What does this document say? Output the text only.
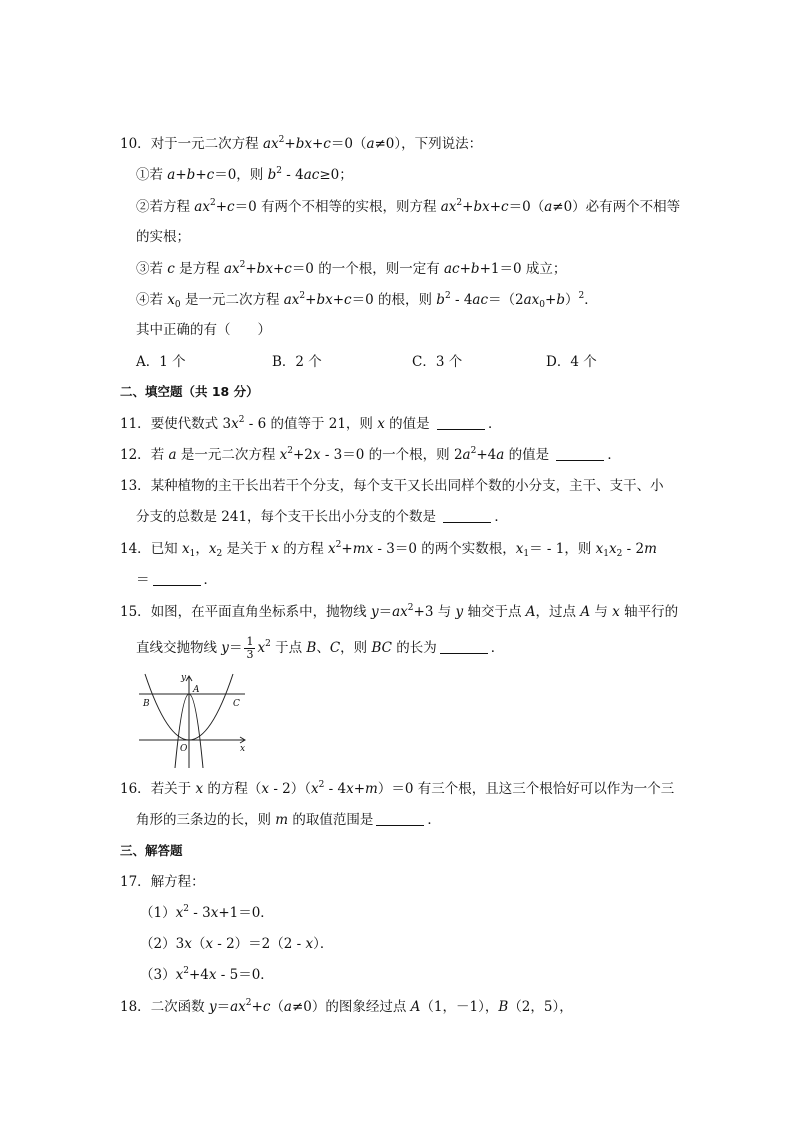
10．对于一元二次方程 $ax^2+bx+c=0(a\ne 0)$，下列说法：
①若 a+b+c＝0，则 $b^2 - 4ac\ge 0$；
②若方程 $ax^2+c=0$ 有两个不相等的实根，则方程 $ax^2+bx+c=0(a\ne 0)$必有两个不相等
的实根；
③若 c 是方程 $ax^2+bx+c=0$ 的一个根，则一定有 ac+b+1＝0 成立；
④若 $x_0$ 是一元二次方程 $ax^2+bx+c=0$ 的根，则 $b^2 - 4ac=(2ax_0+b)^2$．
其中正确的有（　　）
A．1 个	B．2 个	C．3 个	D．4 个
二、填空题（共 18 分）
11．要使代数式 $3x^2 - 6$ 的值等于 21，则 x 的值是	．
12．若 a 是一元二次方程 $x^2+2x - 3=0$ 的一个根，则 $2a^2+4a$ 的值是	．
13．某种植物的主干长出若干个分支，每个支干又长出同样个数的小分支，主干、支干、小
分支的总数是 241，每个支干长出小分支的个数是	．
14．已知 $x_1$，$x_2$ 是关于 x 的方程 $x^2+mx - 3=0$ 的两个实数根，$x_1= - 1$，则 $x_1x_2 - 2m$
＝	．
15．如图，在平面直角坐标系中，抛物线 $y=ax^2+3$ 与 y 轴交于点 A，过点 A 与 x 轴平行的
直线交抛物线 $y= \frac{1}{3} x^2$ 于点 B、C，则 BC 的长为	．
y
A
B	C
O	x
16．若关于 x 的方程$(x - 2)(x^2 - 4x+m)=0$ 有三个根，且这三个根恰好可以作为一个三
角形的三条边的长，则 m 的取值范围是	．
三、解答题
17．解方程：
$(1)x^2 - 3x+1=0$．
（2）3x（x - 2）＝2（2 - x）．
$(3)x^2+4x - 5=0$．
18．二次函数 $y=ax^2+c(a\ne 0)$的图象经过点 A（1，－1），B（2，5），
